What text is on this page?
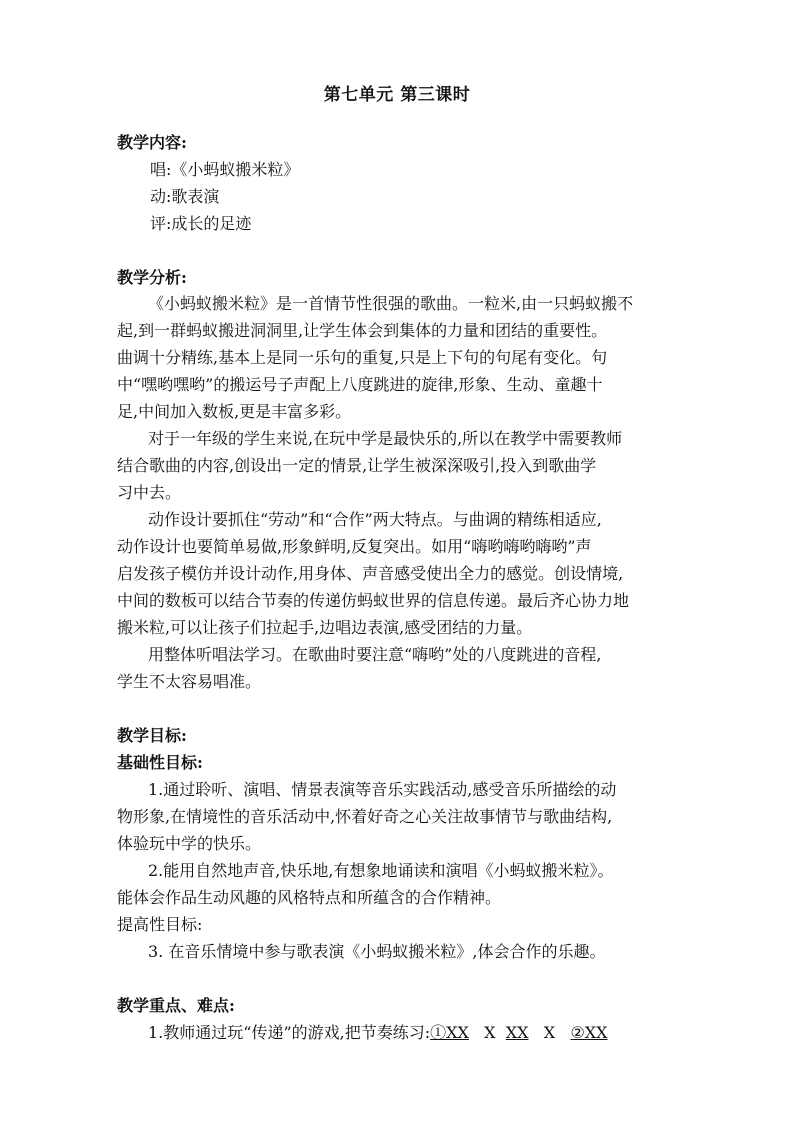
第七单元 第三课时
教学内容:
唱:《小蚂蚁搬米粒》
动:歌表演
评:成长的足迹
教学分析:
《小蚂蚁搬米粒》是一首情节性很强的歌曲。一粒米,由一只蚂蚁搬不
起,到一群蚂蚁搬进洞洞里,让学生体会到集体的力量和团结的重要性。
曲调十分精练,基本上是同一乐句的重复,只是上下句的句尾有变化。句
中“嘿哟嘿哟”的搬运号子声配上八度跳进的旋律,形象、生动、童趣十
足,中间加入数板,更是丰富多彩。
对于一年级的学生来说,在玩中学是最快乐的,所以在教学中需要教师
结合歌曲的内容,创设出一定的情景,让学生被深深吸引,投入到歌曲学
习中去。
动作设计要抓住“劳动”和“合作”两大特点。与曲调的精练相适应,
动作设计也要简单易做,形象鲜明,反复突出。如用“嗨哟嗨哟嗨哟”声
启发孩子模仿并设计动作,用身体、声音感受使出全力的感觉。创设情境,
中间的数板可以结合节奏的传递仿蚂蚁世界的信息传递。最后齐心协力地
搬米粒,可以让孩子们拉起手,边唱边表演,感受团结的力量。
用整体听唱法学习。在歌曲时要注意“嗨哟”处的八度跳进的音程,
学生不太容易唱准。
教学目标:
基础性目标:
1.通过聆听、演唱、情景表演等音乐实践活动,感受音乐所描绘的动
物形象,在情境性的音乐活动中,怀着好奇之心关注故事情节与歌曲结构,
体验玩中学的快乐。
2.能用自然地声音,快乐地,有想象地诵读和演唱《小蚂蚁搬米粒》。
能体会作品生动风趣的风格特点和所蕴含的合作精神。
提高性目标:
3. 在音乐情境中参与歌表演《小蚂蚁搬米粒》,体会合作的乐趣。
教学重点、难点:
1.教师通过玩“传递”的游戏,把节奏练习:①XX X XX X ②XX
